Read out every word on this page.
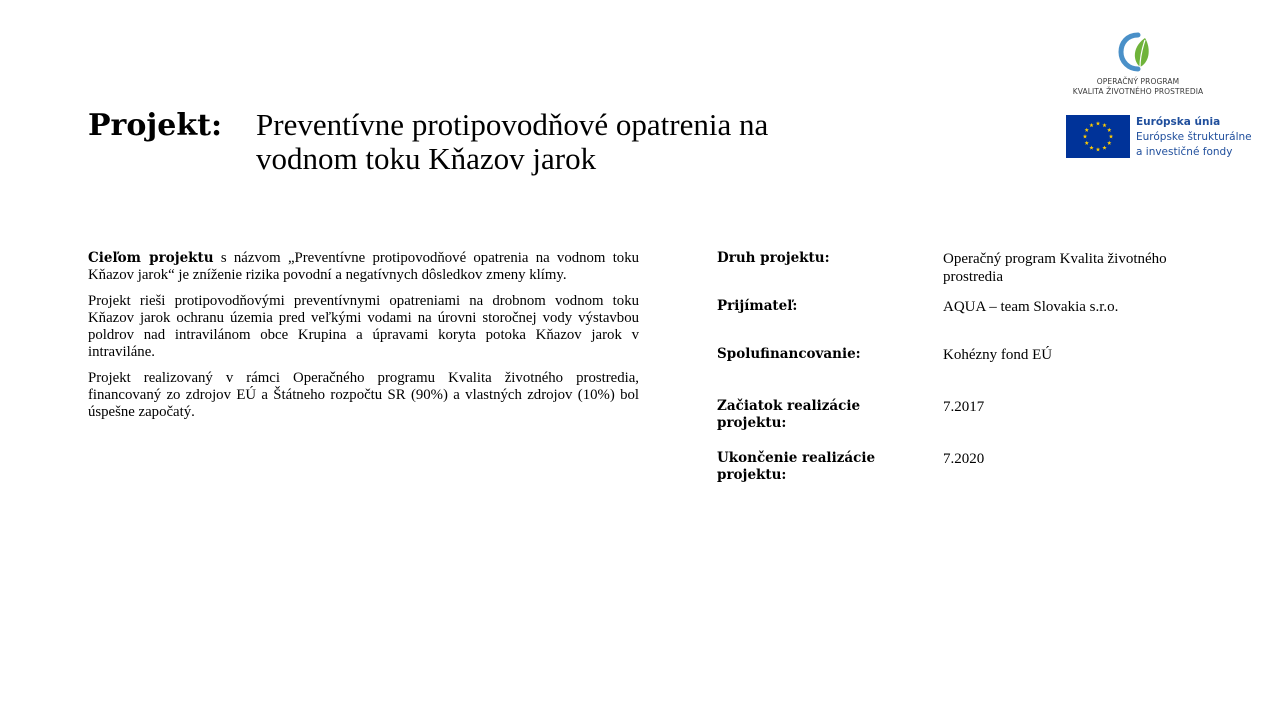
Projekt: Preventívne protipovodňové opatrenia na
vodnom toku Kňazov jarok
OPERAČNÝ PROGRAM
KVALITA ŽIVOTNÉHO PROSTREDIA
Európska únia
Európske štrukturálne
a investičné fondy

Cieľom projektu s názvom „Preventívne protipovodňové opatrenia na vodnom toku Kňazov jarok“ je zníženie rizika povodní a negatívnych dôsledkov zmeny klímy.

Projekt rieši protipovodňovými preventívnymi opatreniami na drobnom vodnom toku Kňazov jarok ochranu územia pred veľkými vodami na úrovni storočnej vody výstavbou poldrov nad intravilánom obce Krupina a úpravami koryta potoka Kňazov jarok v intraviláne.

Projekt realizovaný v rámci Operačného programu Kvalita životného prostredia, financovaný zo zdrojov EÚ a Štátneho rozpočtu SR (90%) a vlastných zdrojov (10%) bol úspešne započatý.

Druh projektu:	Operačný program Kvalita životného prostredia
Prijímateľ:	AQUA – team Slovakia s.r.o.
Spolufinancovanie:	Kohézny fond EÚ
Začiatok realizácie projektu:
7.2017
Ukončenie realizácie projektu:
7.2020
